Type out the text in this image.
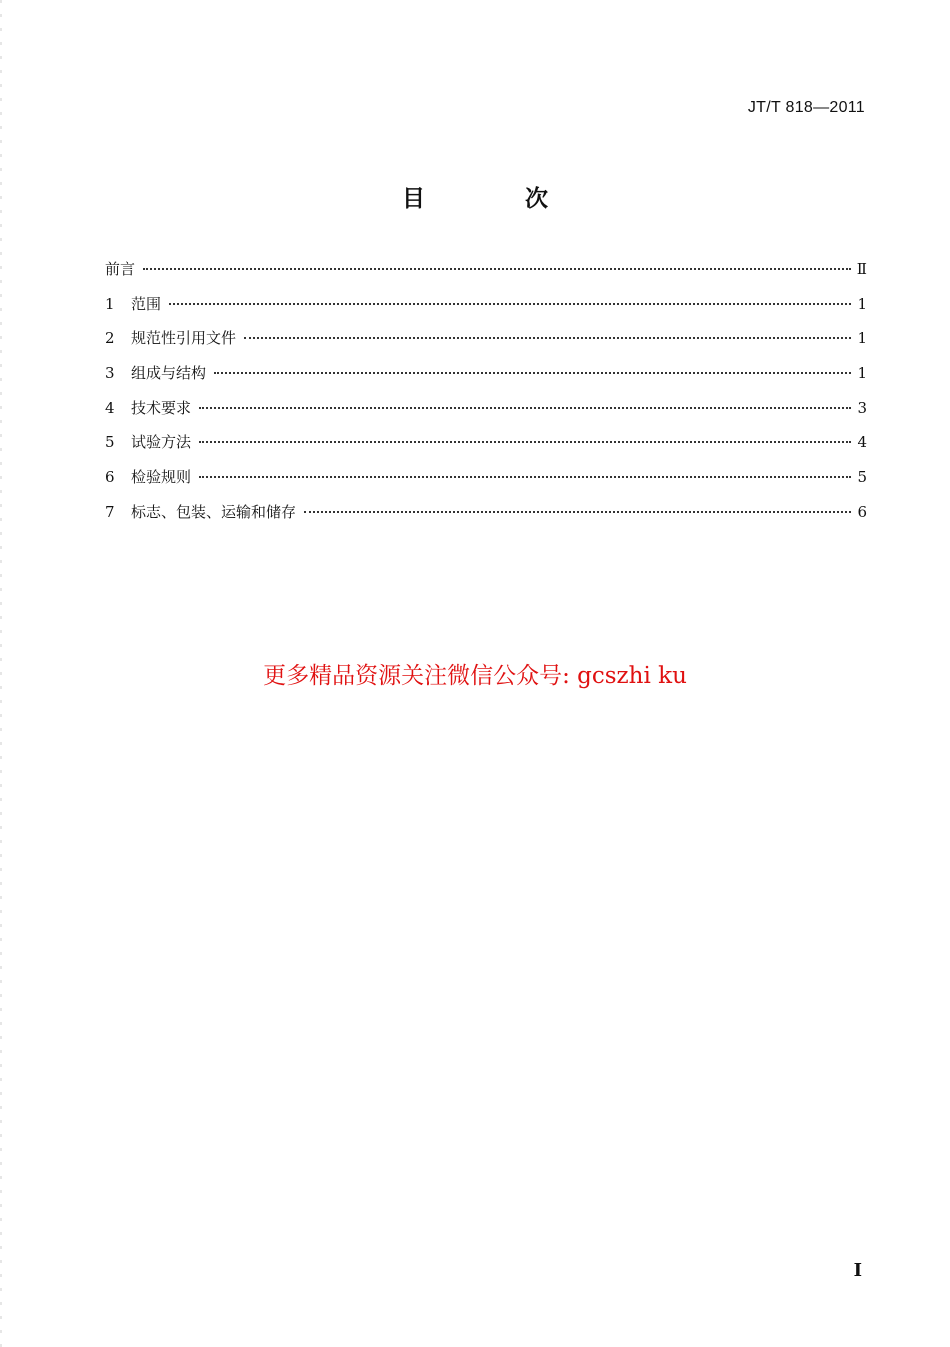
JT/T 818—2011
目 次
前言	Ⅱ
1	范围	1
2	规范性引用文件	1
3	组成与结构	1
4	技术要求	3
5	试验方法	4
6	检验规则	5
7	标志、包装、运输和储存	6
更多精品资源关注微信公众号: gcszhi ku
Ⅰ
